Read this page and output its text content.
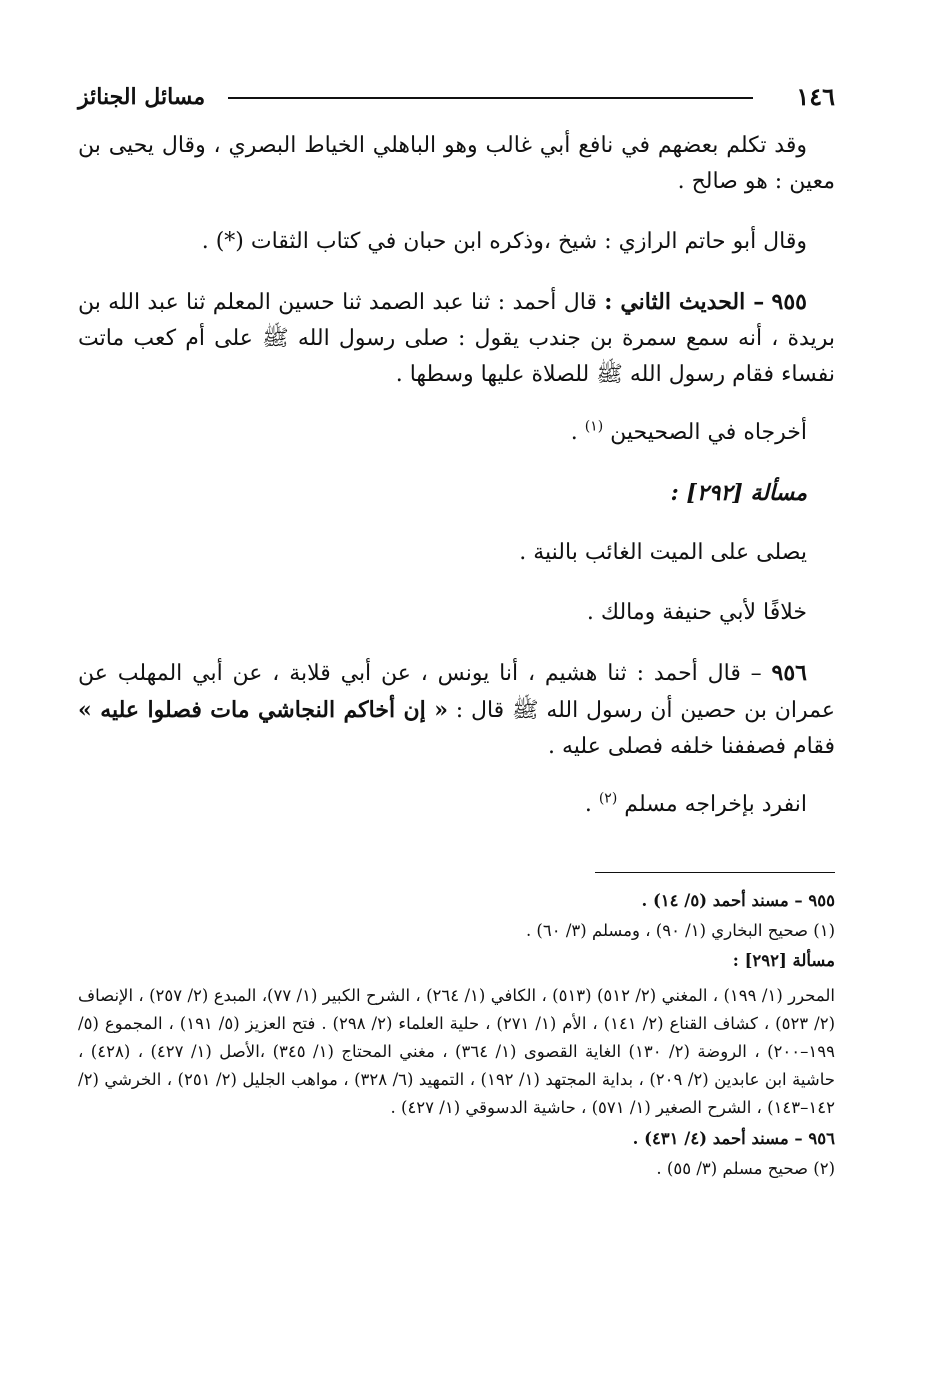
١٤٦
مسائل الجنائز

وقد تكلم بعضهم في نافع أبي غالب وهو الباهلي الخياط البصري ، وقال يحيى بن معين : هو صالح .

وقال أبو حاتم الرازي : شيخ ،وذكره ابن حبان في كتاب الثقات (*) .

٩٥٥ – الحديث الثاني : قال أحمد : ثنا عبد الصمد ثنا حسين المعلم ثنا عبد الله بن بريدة ، أنه سمع سمرة بن جندب يقول : صلى رسول الله ﷺ على أم كعب ماتت نفساء فقام رسول الله ﷺ للصلاة عليها وسطها .

أخرجاه في الصحيحين $^{(١)}$ .

مسألة [٢٩٢] :

يصلى على الميت الغائب بالنية .

خلافًا لأبي حنيفة ومالك .

٩٥٦ – قال أحمد : ثنا هشيم ، أنا يونس ، عن أبي قلابة ، عن أبي المهلب عن عمران بن حصين أن رسول الله ﷺ قال : « إن أخاكم النجاشي مات فصلوا عليه » فقام فصففنا خلفه فصلى عليه .

انفرد بإخراجه مسلم $^{(٢)}$ .

٩٥٥ – مسند أحمد (٥/ ١٤) .

(١) صحيح البخاري (١/ ٩٠) ، ومسلم (٣/ ٦٠) .

مسألة [٢٩٢] :

المحرر (١/ ١٩٩) ، المغني (٢/ ٥١٢) (٥١٣) ، الكافي (١/ ٢٦٤) ، الشرح الكبير (١/ ٧٧)، المبدع (٢/ ٢٥٧) ، الإنصاف (٢/ ٥٢٣) ، كشاف القناع (٢/ ١٤١) ، الأم (١/ ٢٧١) ، حلية العلماء (٢/ ٢٩٨) . فتح العزيز (٥/ ١٩١) ، المجموع (٥/ ١٩٩–٢٠٠) ، الروضة (٢/ ١٣٠) الغاية القصوى (١/ ٣٦٤) ، مغني المحتاج (١/ ٣٤٥) ،الأصل (١/ ٤٢٧) ، (٤٢٨) ، حاشية ابن عابدين (٢/ ٢٠٩) ، بداية المجتهد (١/ ١٩٢) ، التمهيد (٦/ ٣٢٨) ، مواهب الجليل (٢/ ٢٥١) ، الخرشي (٢/ ١٤٢–١٤٣) ، الشرح الصغير (١/ ٥٧١) ، حاشية الدسوقي (١/ ٤٢٧) .

٩٥٦ – مسند أحمد (٤/ ٤٣١) .

(٢) صحيح مسلم (٣/ ٥٥) .
